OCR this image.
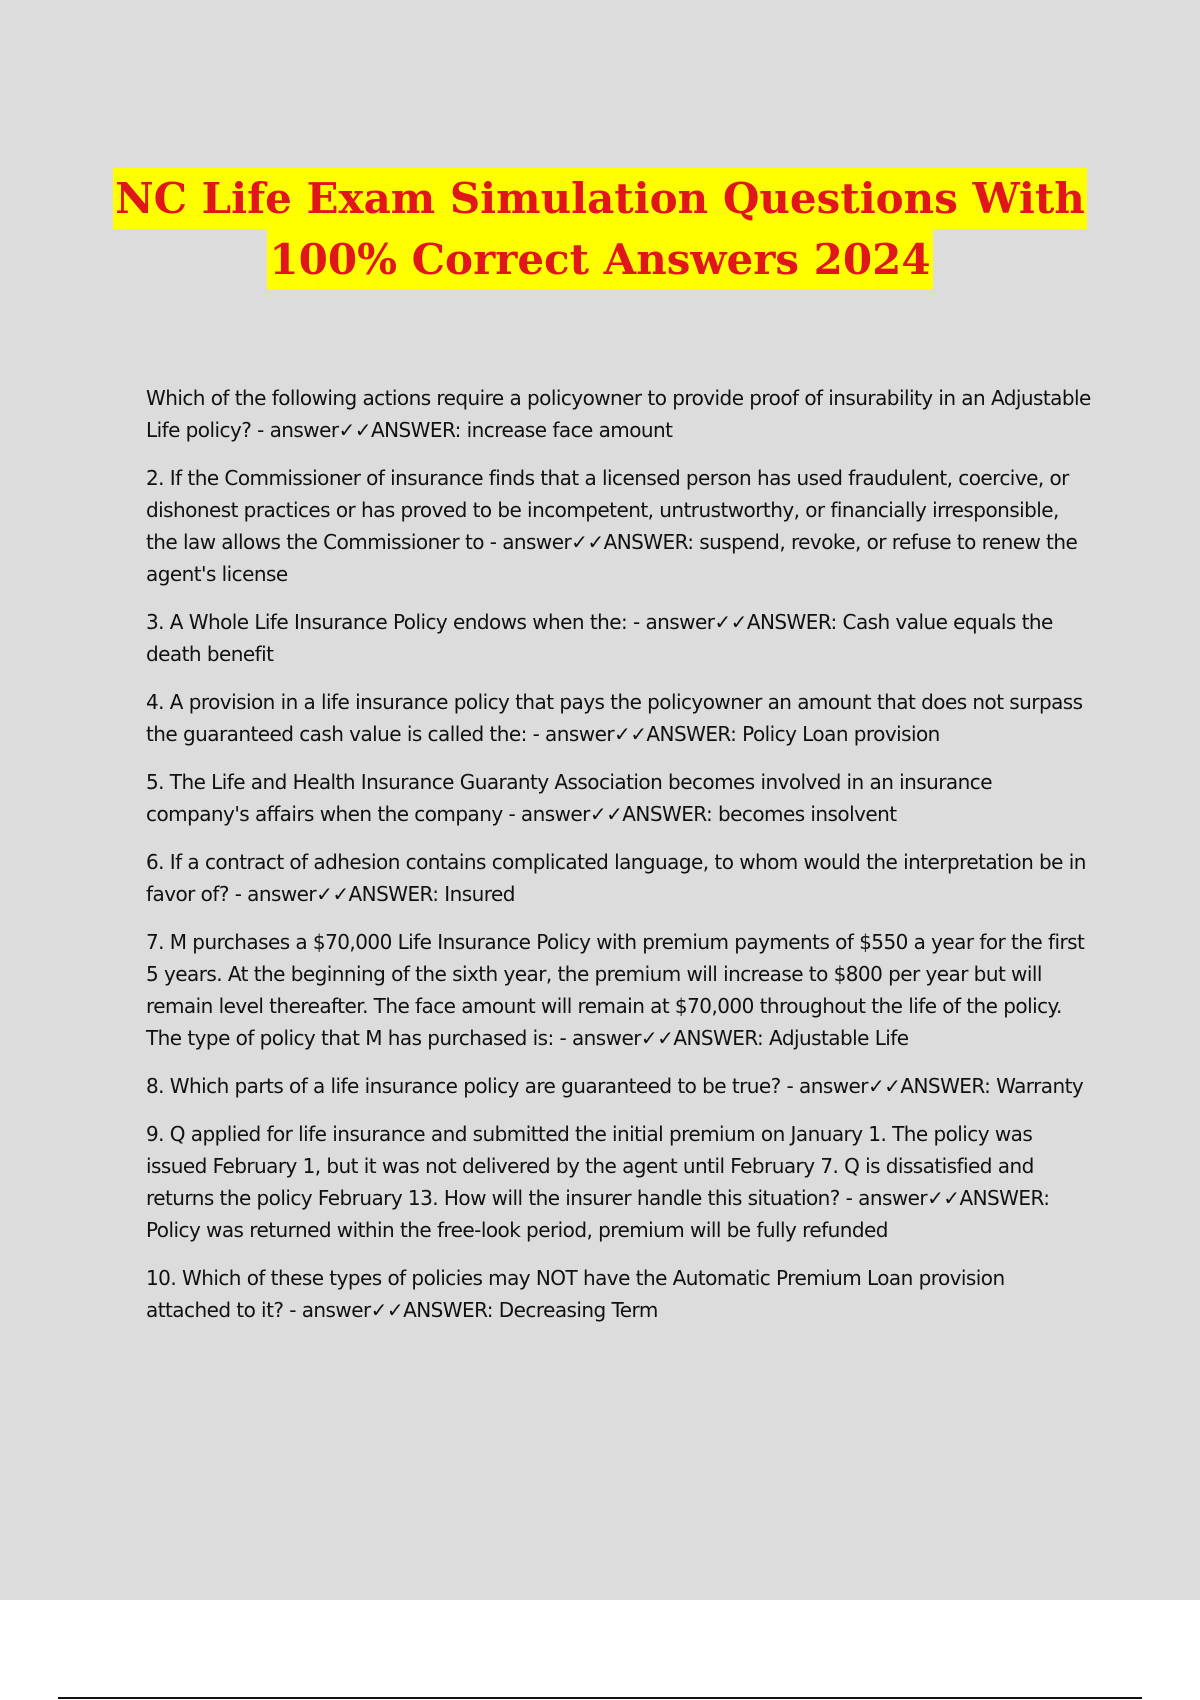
NC Life Exam Simulation Questions With
100% Correct Answers 2024

Which of the following actions require a policyowner to provide proof of insurability in an Adjustable Life policy? - answer✓✓ANSWER: increase face amount

2. If the Commissioner of insurance finds that a licensed person has used fraudulent, coercive, or dishonest practices or has proved to be incompetent, untrustworthy, or financially irresponsible, the law allows the Commissioner to - answer✓✓ANSWER: suspend, revoke, or refuse to renew the agent's license

3. A Whole Life Insurance Policy endows when the: - answer✓✓ANSWER: Cash value equals the death benefit

4. A provision in a life insurance policy that pays the policyowner an amount that does not surpass the guaranteed cash value is called the: - answer✓✓ANSWER: Policy Loan provision

5. The Life and Health Insurance Guaranty Association becomes involved in an insurance company's affairs when the company - answer✓✓ANSWER: becomes insolvent

6. If a contract of adhesion contains complicated language, to whom would the interpretation be in favor of? - answer✓✓ANSWER: Insured

7. M purchases a $70,000 Life Insurance Policy with premium payments of $550 a year for the first 5 years. At the beginning of the sixth year, the premium will increase to $800 per year but will remain level thereafter. The face amount will remain at $70,000 throughout the life of the policy. The type of policy that M has purchased is: - answer✓✓ANSWER: Adjustable Life

8. Which parts of a life insurance policy are guaranteed to be true? - answer✓✓ANSWER: Warranty

9. Q applied for life insurance and submitted the initial premium on January 1. The policy was issued February 1, but it was not delivered by the agent until February 7. Q is dissatisfied and returns the policy February 13. How will the insurer handle this situation? - answer✓✓ANSWER: Policy was returned within the free-look period, premium will be fully refunded

10. Which of these types of policies may NOT have the Automatic Premium Loan provision attached to it? - answer✓✓ANSWER: Decreasing Term
